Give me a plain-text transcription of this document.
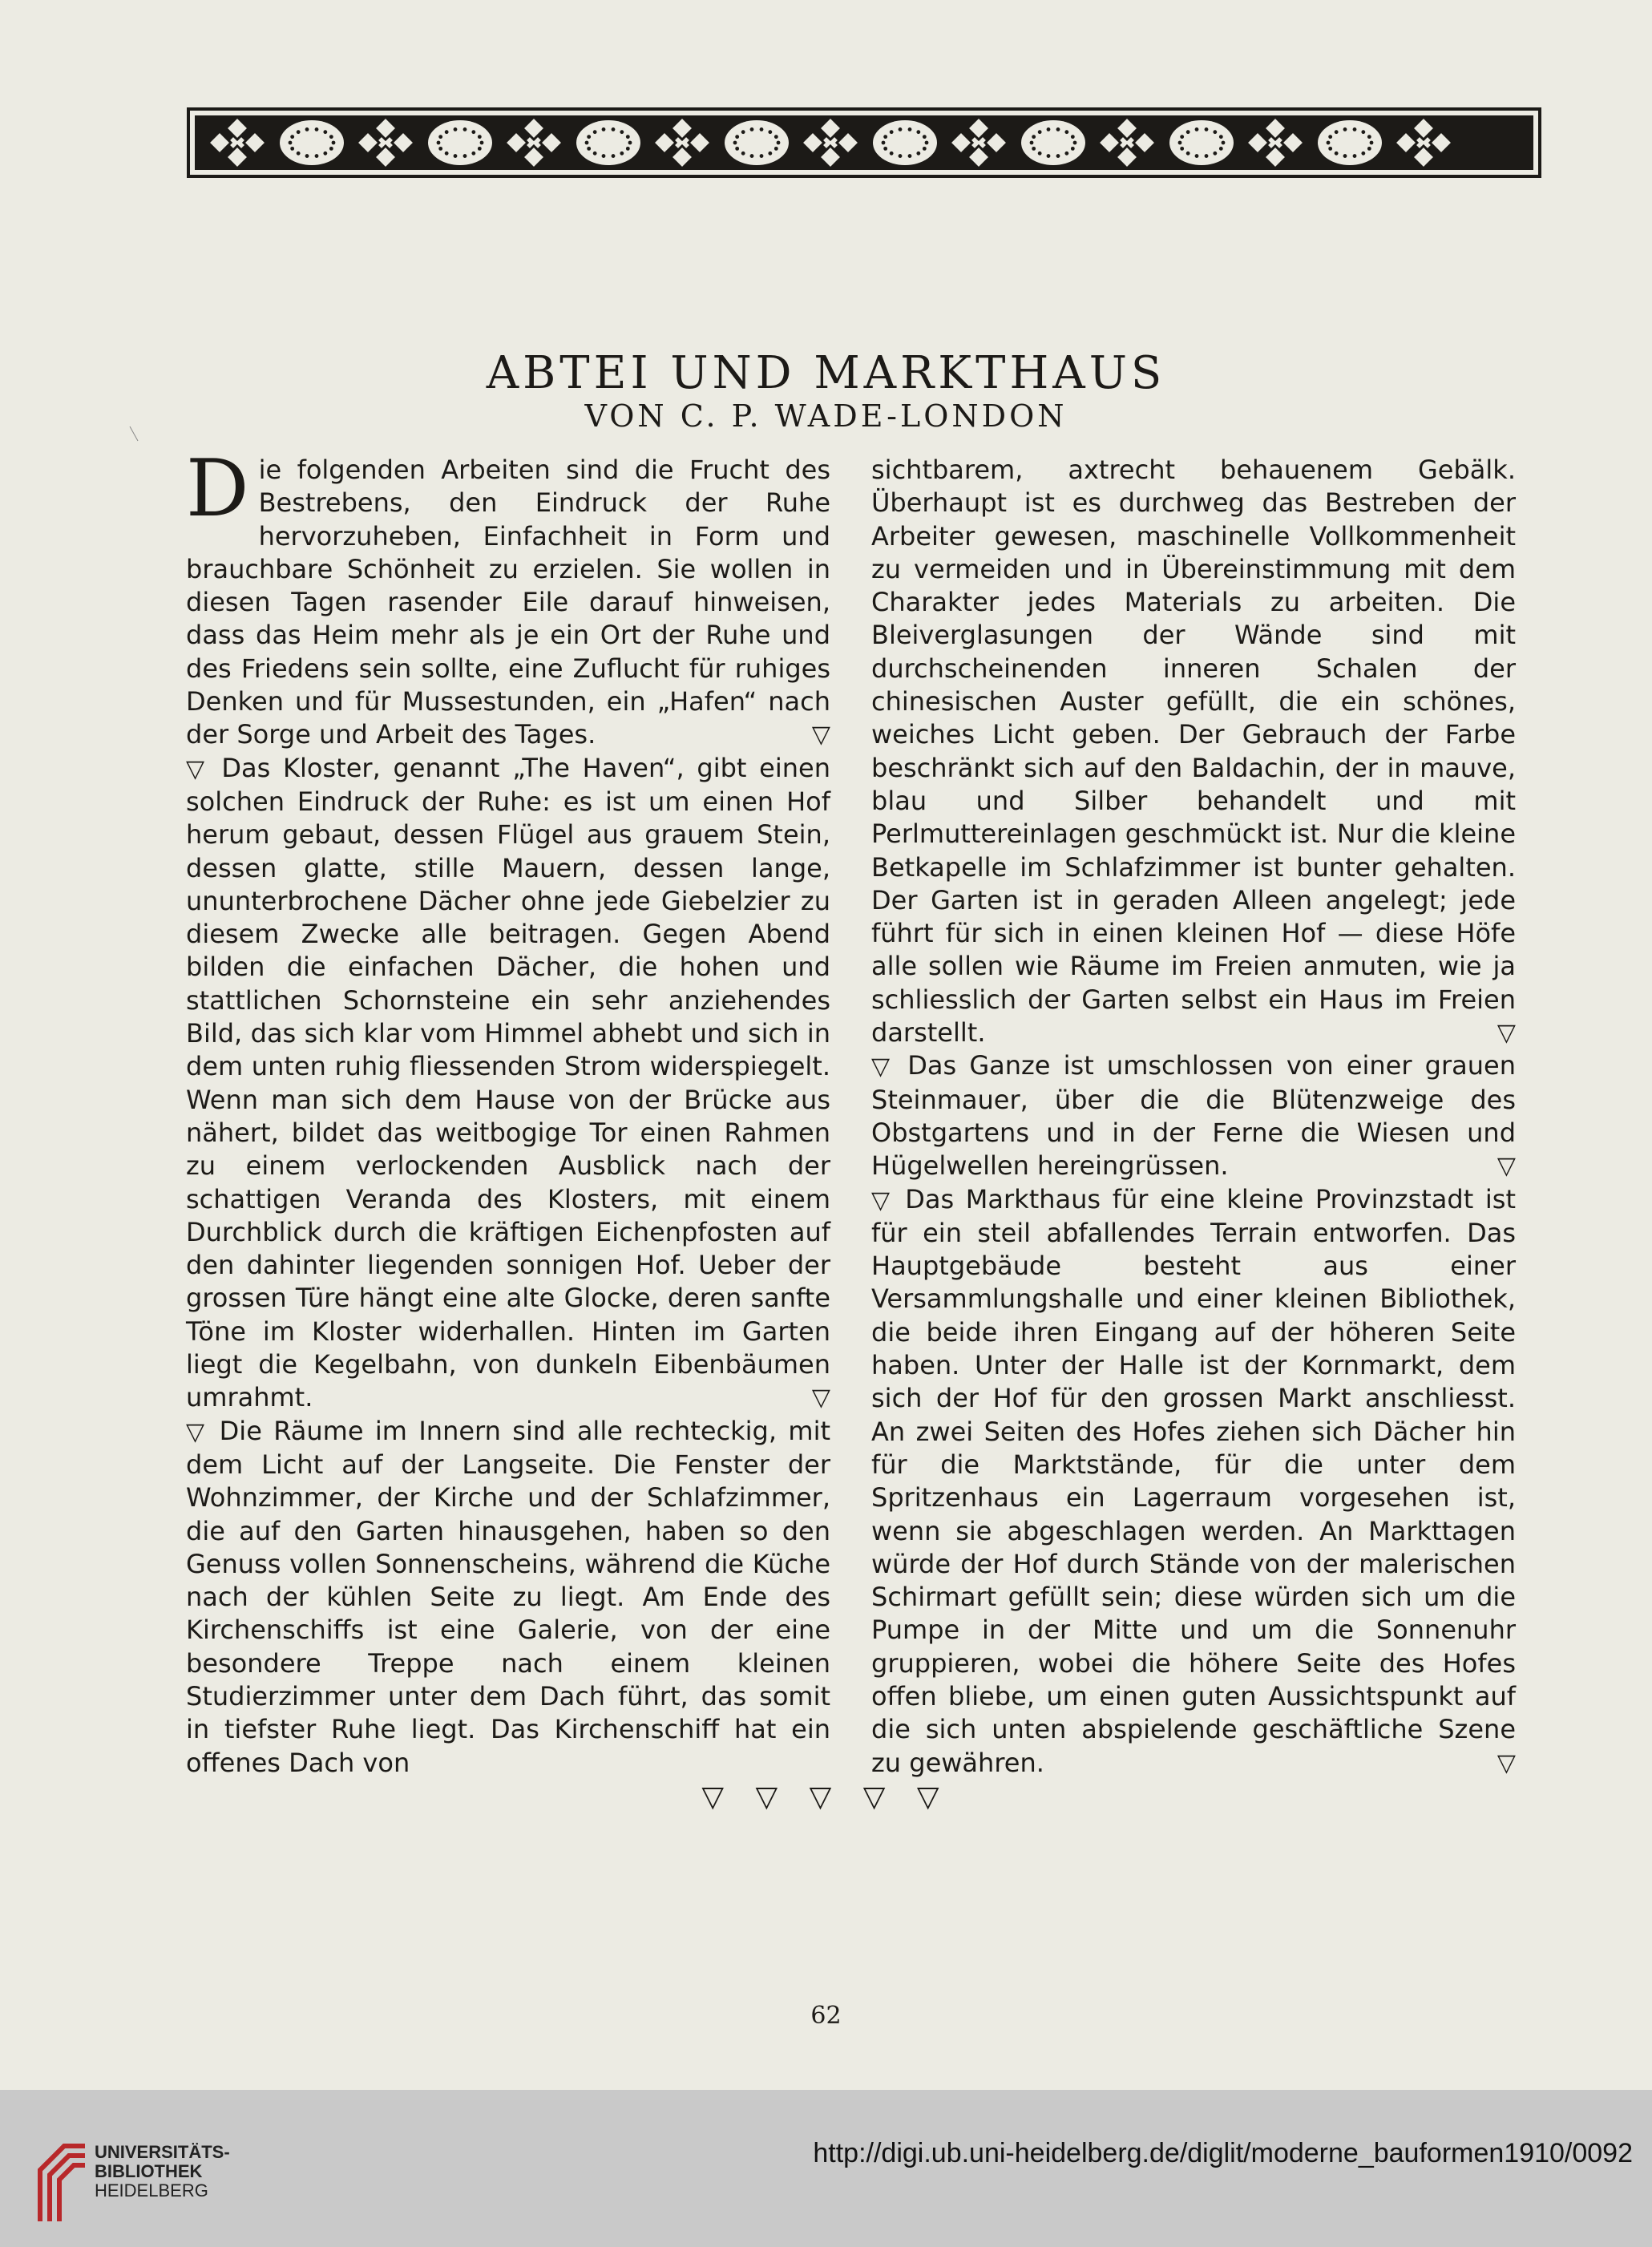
ABTEI UND MARKTHAUS
VON C. P. WADE-LONDON

Die folgenden Arbeiten sind die Frucht des Bestrebens, den Eindruck der Ruhe hervorzuheben, Einfachheit in Form und brauchbare Schönheit zu erzielen. Sie wollen in diesen Tagen rasender Eile darauf hinweisen, dass das Heim mehr als je ein Ort der Ruhe und des Friedens sein sollte, eine Zuflucht für ruhiges Denken und für Mussestunden, ein „Hafen“ nach der Sorge und Arbeit des Tages.	▽

▽ Das Kloster, genannt „The Haven“, gibt einen solchen Eindruck der Ruhe: es ist um einen Hof herum gebaut, dessen Flügel aus grauem Stein, dessen glatte, stille Mauern, dessen lange, ununterbrochene Dächer ohne jede Giebelzier zu diesem Zwecke alle beitragen. Gegen Abend bilden die einfachen Dächer, die hohen und stattlichen Schornsteine ein sehr anziehendes Bild, das sich klar vom Himmel abhebt und sich in dem unten ruhig fliessenden Strom widerspiegelt. Wenn man sich dem Hause von der Brücke aus nähert, bildet das weitbogige Tor einen Rahmen zu einem verlockenden Ausblick nach der schattigen Veranda des Klosters, mit einem Durchblick durch die kräftigen Eichenpfosten auf den dahinter liegenden sonnigen Hof. Ueber der grossen Türe hängt eine alte Glocke, deren sanfte Töne im Kloster widerhallen. Hinten im Garten liegt die Kegelbahn, von dunkeln Eibenbäumen umrahmt.	▽

▽ Die Räume im Innern sind alle rechteckig, mit dem Licht auf der Langseite. Die Fenster der Wohnzimmer, der Kirche und der Schlafzimmer, die auf den Garten hinausgehen, haben so den Genuss vollen Sonnenscheins, während die Küche nach der kühlen Seite zu liegt. Am Ende des Kirchenschiffs ist eine Galerie, von der eine besondere Treppe nach einem kleinen Studierzimmer unter dem Dach führt, das somit in tiefster Ruhe liegt. Das Kirchenschiff hat ein offenes Dach von

sichtbarem, axtrecht behauenem Gebälk. Überhaupt ist es durchweg das Bestreben der Arbeiter gewesen, maschinelle Vollkommenheit zu vermeiden und in Übereinstimmung mit dem Charakter jedes Materials zu arbeiten. Die Bleiverglasungen der Wände sind mit durchscheinenden inneren Schalen der chinesischen Auster gefüllt, die ein schönes, weiches Licht geben. Der Gebrauch der Farbe beschränkt sich auf den Baldachin, der in mauve, blau und Silber behandelt und mit Perlmuttereinlagen geschmückt ist. Nur die kleine Betkapelle im Schlafzimmer ist bunter gehalten. Der Garten ist in geraden Alleen angelegt; jede führt für sich in einen kleinen Hof — diese Höfe alle sollen wie Räume im Freien anmuten, wie ja schliesslich der Garten selbst ein Haus im Freien darstellt.	▽

▽ Das Ganze ist umschlossen von einer grauen Steinmauer, über die die Blütenzweige des Obstgartens und in der Ferne die Wiesen und Hügelwellen hereingrüssen.	▽

▽ Das Markthaus für eine kleine Provinzstadt ist für ein steil abfallendes Terrain entworfen. Das Hauptgebäude besteht aus einer Versammlungshalle und einer kleinen Bibliothek, die beide ihren Eingang auf der höheren Seite haben. Unter der Halle ist der Kornmarkt, dem sich der Hof für den grossen Markt anschliesst. An zwei Seiten des Hofes ziehen sich Dächer hin für die Marktstände, für die unter dem Spritzenhaus ein Lagerraum vorgesehen ist, wenn sie abgeschlagen werden. An Markttagen würde der Hof durch Stände von der malerischen Schirmart gefüllt sein; diese würden sich um die Pumpe in der Mitte und um die Sonnenuhr gruppieren, wobei die höhere Seite des Hofes offen bliebe, um einen guten Aussichtspunkt auf die sich unten abspielende geschäftliche Szene zu gewähren.	▽

▽ ▽ ▽ ▽ ▽
62
UNIVERSITÄTS-
BIBLIOTHEK
HEIDELBERG
http://digi.ub.uni-heidelberg.de/diglit/moderne_bauformen1910/0092
